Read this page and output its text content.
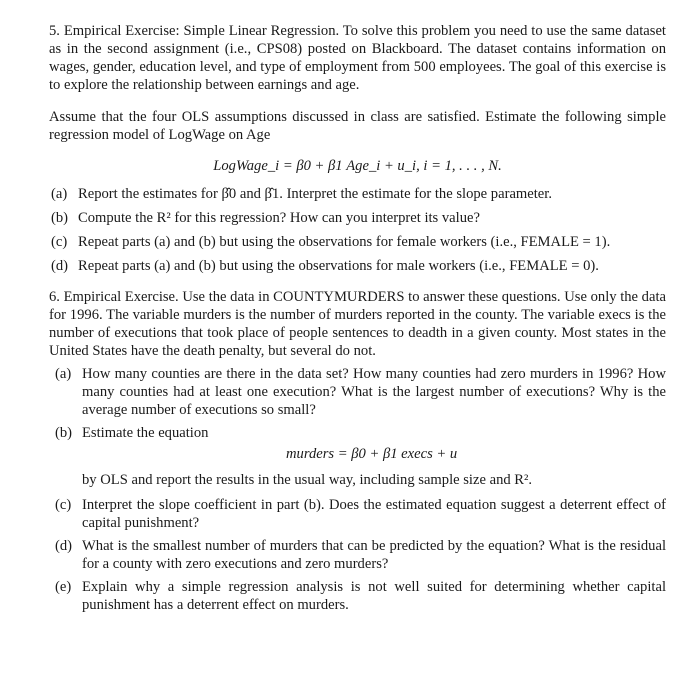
5. Empirical Exercise: Simple Linear Regression. To solve this problem you need to use the same dataset as in the second assignment (i.e., CPS08) posted on Blackboard. The dataset contains information on wages, gender, education level, and type of employment from 500 employees. The goal of this exercise is to explore the relationship between earnings and age.

Assume that the four OLS assumptions discussed in class are satisfied. Estimate the following simple regression model of LogWage on Age

LogWage_i = β0 + β1 Age_i + u_i, i = 1, . . . , N.
(a) Report the estimates for β̂0 and β̂1. Interpret the estimate for the slope parameter.
(b) Compute the R² for this regression? How can you interpret its value?
(c) Repeat parts (a) and (b) but using the observations for female workers (i.e., FEMALE = 1).
(d) Repeat parts (a) and (b) but using the observations for male workers (i.e., FEMALE = 0).

6. Empirical Exercise. Use the data in COUNTYMURDERS to answer these questions. Use only the data for 1996. The variable murders is the number of murders reported in the county. The variable execs is the number of executions that took place of people sentences to deadth in a given county. Most states in the United States have the death penalty, but several do not.

(a) How many counties are there in the data set? How many counties had zero murders in 1996? How many counties had at least one execution? What is the largest number of executions? Why is the average number of executions so small?
(b) Estimate the equation
murders = β0 + β1 execs + u

by OLS and report the results in the usual way, including sample size and R².

(c) Interpret the slope coefficient in part (b). Does the estimated equation suggest a deterrent effect of capital punishment?
(d) What is the smallest number of murders that can be predicted by the equation? What is the residual for a county with zero executions and zero murders?
(e) Explain why a simple regression analysis is not well suited for determining whether capital punishment has a deterrent effect on murders.
